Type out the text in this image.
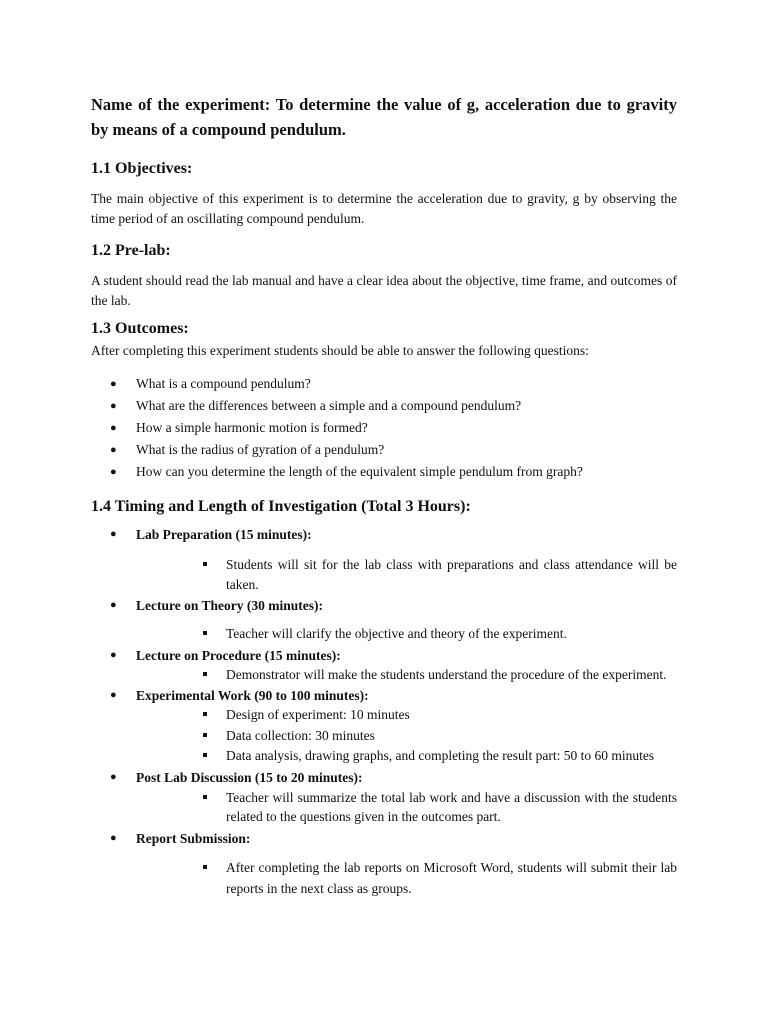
Name of the experiment: To determine the value of g, acceleration due to gravity by means of a compound pendulum.

1.1 Objectives:

The main objective of this experiment is to determine the acceleration due to gravity, g by observing the time period of an oscillating compound pendulum.

1.2 Pre-lab:

A student should read the lab manual and have a clear idea about the objective, time frame, and outcomes of the lab.

1.3 Outcomes:

After completing this experiment students should be able to answer the following questions:

● What is a compound pendulum?
● What are the differences between a simple and a compound pendulum?
● How a simple harmonic motion is formed?
● What is the radius of gyration of a pendulum?
● How can you determine the length of the equivalent simple pendulum from graph?
1.4 Timing and Length of Investigation (Total 3 Hours):
● Lab Preparation (15 minutes):
Students will sit for the lab class with preparations and class attendance will be taken.
● Lecture on Theory (30 minutes):
Teacher will clarify the objective and theory of the experiment.
● Lecture on Procedure (15 minutes):
Demonstrator will make the students understand the procedure of the experiment.
● Experimental Work (90 to 100 minutes):
Design of experiment: 10 minutes
Data collection: 30 minutes
Data analysis, drawing graphs, and completing the result part: 50 to 60 minutes
● Post Lab Discussion (15 to 20 minutes):
Teacher will summarize the total lab work and have a discussion with the students related to the questions given in the outcomes part.
● Report Submission:
After completing the lab reports on Microsoft Word, students will submit their lab reports in the next class as groups.
